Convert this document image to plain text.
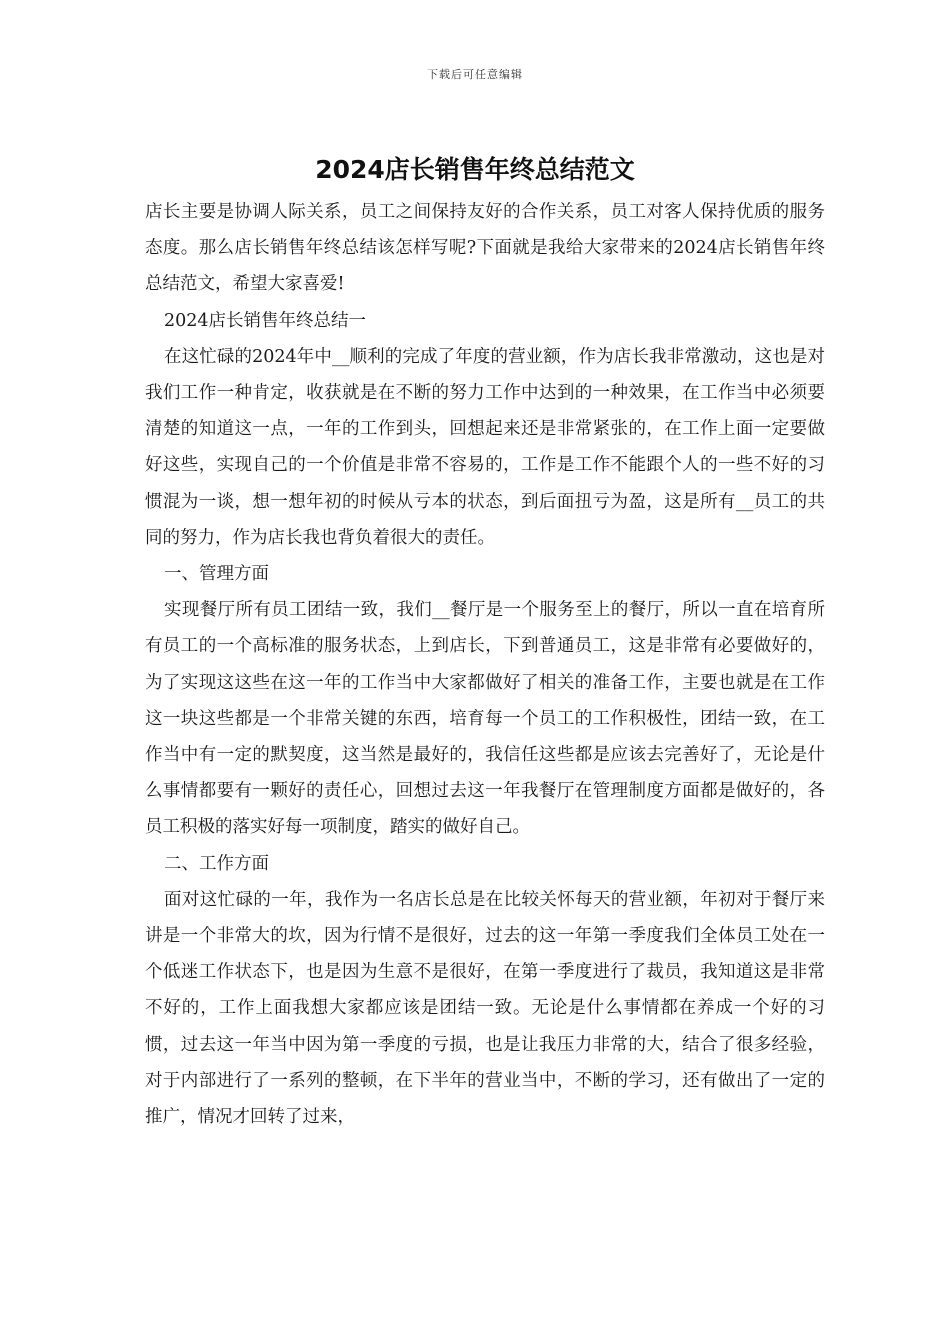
下载后可任意编辑
2024店长销售年终总结范文

店长主要是协调人际关系，员工之间保持友好的合作关系，员工对客人保持优质的服务态度。那么店长销售年终总结该怎样写呢?下面就是我给大家带来的2024店长销售年终总结范文，希望大家喜爱!

2024店长销售年终总结一

在这忙碌的2024年中__顺利的完成了年度的营业额，作为店长我非常激动，这也是对我们工作一种肯定，收获就是在不断的努力工作中达到的一种效果，在工作当中必须要清楚的知道这一点，一年的工作到头，回想起来还是非常紧张的，在工作上面一定要做好这些，实现自己的一个价值是非常不容易的，工作是工作不能跟个人的一些不好的习惯混为一谈，想一想年初的时候从亏本的状态，到后面扭亏为盈，这是所有__员工的共同的努力，作为店长我也背负着很大的责任。

一、管理方面

实现餐厅所有员工团结一致，我们__餐厅是一个服务至上的餐厅，所以一直在培育所有员工的一个高标准的服务状态，上到店长，下到普通员工，这是非常有必要做好的，为了实现这这些在这一年的工作当中大家都做好了相关的准备工作，主要也就是在工作这一块这些都是一个非常关键的东西，培育每一个员工的工作积极性，团结一致，在工作当中有一定的默契度，这当然是最好的，我信任这些都是应该去完善好了，无论是什么事情都要有一颗好的责任心，回想过去这一年我餐厅在管理制度方面都是做好的，各员工积极的落实好每一项制度，踏实的做好自己。

二、工作方面

面对这忙碌的一年，我作为一名店长总是在比较关怀每天的营业额，年初对于餐厅来讲是一个非常大的坎，因为行情不是很好，过去的这一年第一季度我们全体员工处在一个低迷工作状态下，也是因为生意不是很好，在第一季度进行了裁员，我知道这是非常不好的，工作上面我想大家都应该是团结一致。无论是什么事情都在养成一个好的习惯，过去这一年当中因为第一季度的亏损，也是让我压力非常的大，结合了很多经验，对于内部进行了一系列的整顿，在下半年的营业当中，不断的学习，还有做出了一定的推广，情况才回转了过来，
